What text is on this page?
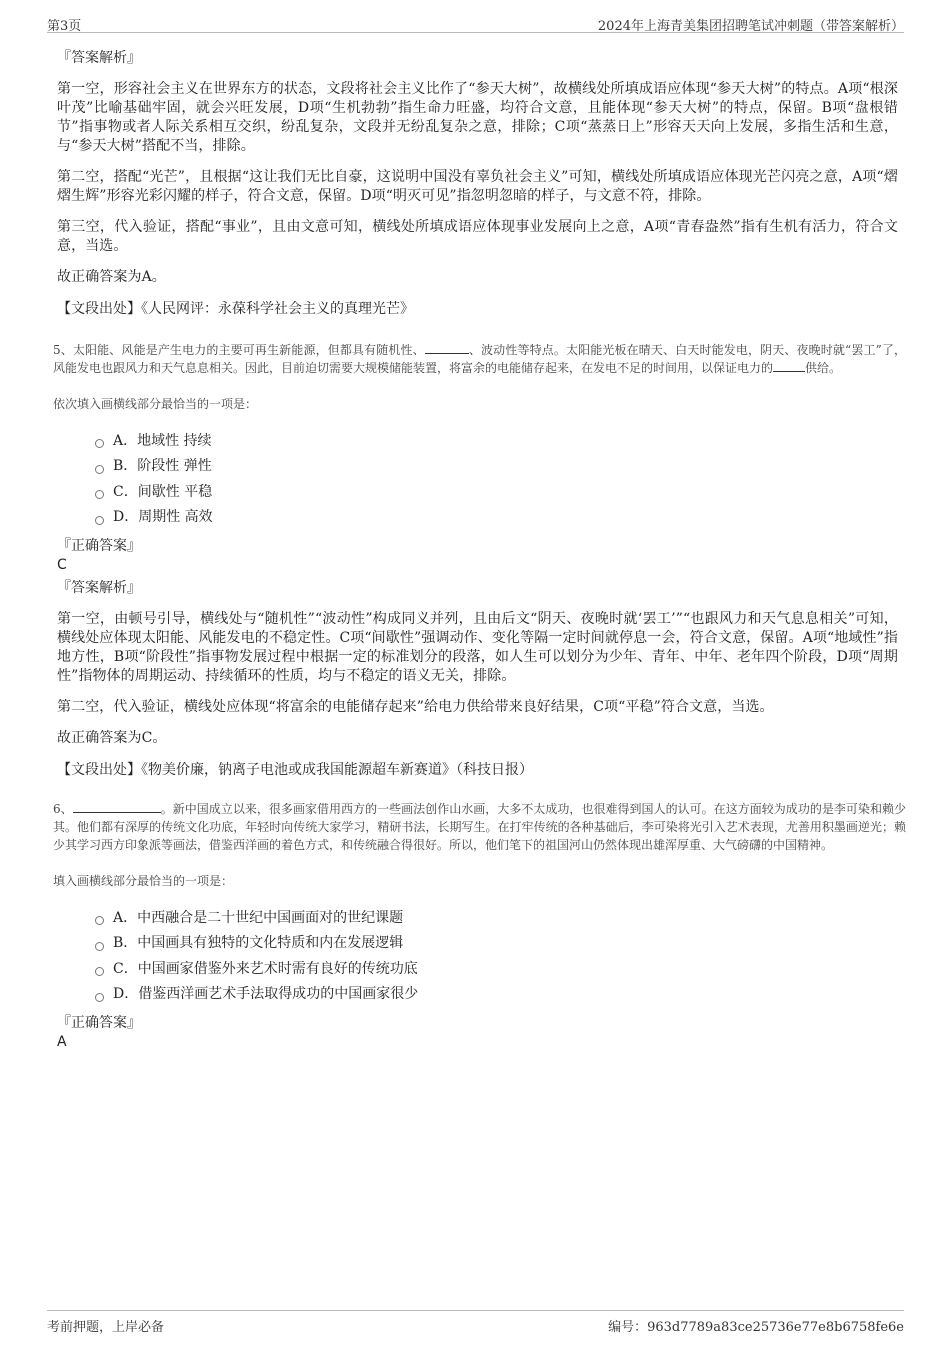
第3页	2024年上海青美集团招聘笔试冲刺题（带答案解析）
『答案解析』

第一空，形容社会主义在世界东方的状态，文段将社会主义比作了“参天大树”，故横线处所填成语应体现“参天大树”的特点。A项“根深叶茂”比喻基础牢固，就会兴旺发展，D项“生机勃勃”指生命力旺盛，均符合文意，且能体现“参天大树”的特点，保留。B项“盘根错节”指事物或者人际关系相互交织，纷乱复杂，文段并无纷乱复杂之意，排除；C项“蒸蒸日上”形容天天向上发展，多指生活和生意，与“参天大树”搭配不当，排除。

第二空，搭配“光芒”，且根据“这让我们无比自豪，这说明中国没有辜负社会主义”可知，横线处所填成语应体现光芒闪亮之意，A项“熠熠生辉”形容光彩闪耀的样子，符合文意，保留。D项“明灭可见”指忽明忽暗的样子，与文意不符，排除。

第三空，代入验证，搭配“事业”，且由文意可知，横线处所填成语应体现事业发展向上之意，A项“青春盎然”指有生机有活力，符合文意，当选。

故正确答案为A。

【文段出处】《人民网评：永葆科学社会主义的真理光芒》
5、太阳能、风能是产生电力的主要可再生新能源，但都具有随机性、	、波动性等特点。太阳能光板在晴天、白天时能发电，阴天、夜晚时就“罢工”了，风能发电也跟风力和天气息息相关。因此，目前迫切需要大规模储能装置，将富余的电能储存起来，在发电不足的时间用，以保证电力的	供给。
依次填入画横线部分最恰当的一项是：
A．地域性 持续
B．阶段性 弹性
C．间歇性 平稳
D．周期性 高效
『正确答案』
C
『答案解析』

第一空，由顿号引导，横线处与“随机性”“波动性”构成同义并列，且由后文“阴天、夜晚时就‘罢工’”“也跟风力和天气息息相关”可知，横线处应体现太阳能、风能发电的不稳定性。C项“间歇性”强调动作、变化等隔一定时间就停息一会，符合文意，保留。A项“地域性”指地方性，B项“阶段性”指事物发展过程中根据一定的标准划分的段落，如人生可以划分为少年、青年、中年、老年四个阶段，D项“周期性”指物体的周期运动、持续循环的性质，均与不稳定的语义无关，排除。

第二空，代入验证，横线处应体现“将富余的电能储存起来”给电力供给带来良好结果，C项“平稳”符合文意，当选。

故正确答案为C。

【文段出处】《物美价廉，钠离子电池或成我国能源超车新赛道》（科技日报）
6、	。新中国成立以来，很多画家借用西方的一些画法创作山水画，大多不太成功，也很难得到国人的认可。在这方面较为成功的是李可染和赖少其。他们都有深厚的传统文化功底，年轻时向传统大家学习，精研书法，长期写生。在打牢传统的各种基础后，李可染将光引入艺术表现，尤善用积墨画逆光；赖少其学习西方印象派等画法，借鉴西洋画的着色方式，和传统融合得很好。所以，他们笔下的祖国河山仍然体现出雄浑厚重、大气磅礴的中国精神。
填入画横线部分最恰当的一项是：
A．中西融合是二十世纪中国画面对的世纪课题
B．中国画具有独特的文化特质和内在发展逻辑
C．中国画家借鉴外来艺术时需有良好的传统功底
D．借鉴西洋画艺术手法取得成功的中国画家很少
『正确答案』
A
考前押题，上岸必备	编号：963d7789a83ce25736e77e8b6758fe6e
